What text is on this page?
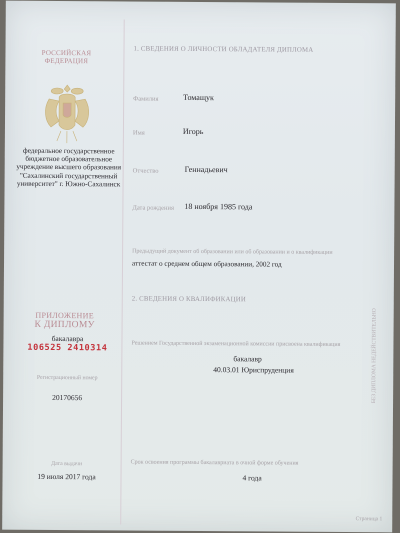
РОССИЙСКАЯ ФЕДЕРАЦИЯ
федеральное государственное бюджетное образовательное учреждение высшего образования "Сахалинский государственный университет" г. Южно-Сахалинск
ПРИЛОЖЕНИЕ
К ДИПЛОМУ
бакалавра
106525 2410314
Регистрационный номер
20170656
Дата выдачи
19 июля 2017 года
1. СВЕДЕНИЯ О ЛИЧНОСТИ ОБЛАДАТЕЛЯ ДИПЛОМА
Фамилия	Томащук
Имя	Игорь
Отчество	Геннадьевич
Дата рождения 18 ноября 1985 года
Предыдущий документ об образовании или об образовании и о квалификации
аттестат о среднем общем образовании, 2002 год
2. СВЕДЕНИЯ О КВАЛИФИКАЦИИ
Решением Государственной экзаменационной комиссии присвоена квалификация
бакалавр
40.03.01 Юриспруденция
Срок освоения программы бакалавриата в очной форме обучения
4 года
БЕЗ ДИПЛОМА НЕДЕЙСТВИТЕЛЬНО
Страница 1
